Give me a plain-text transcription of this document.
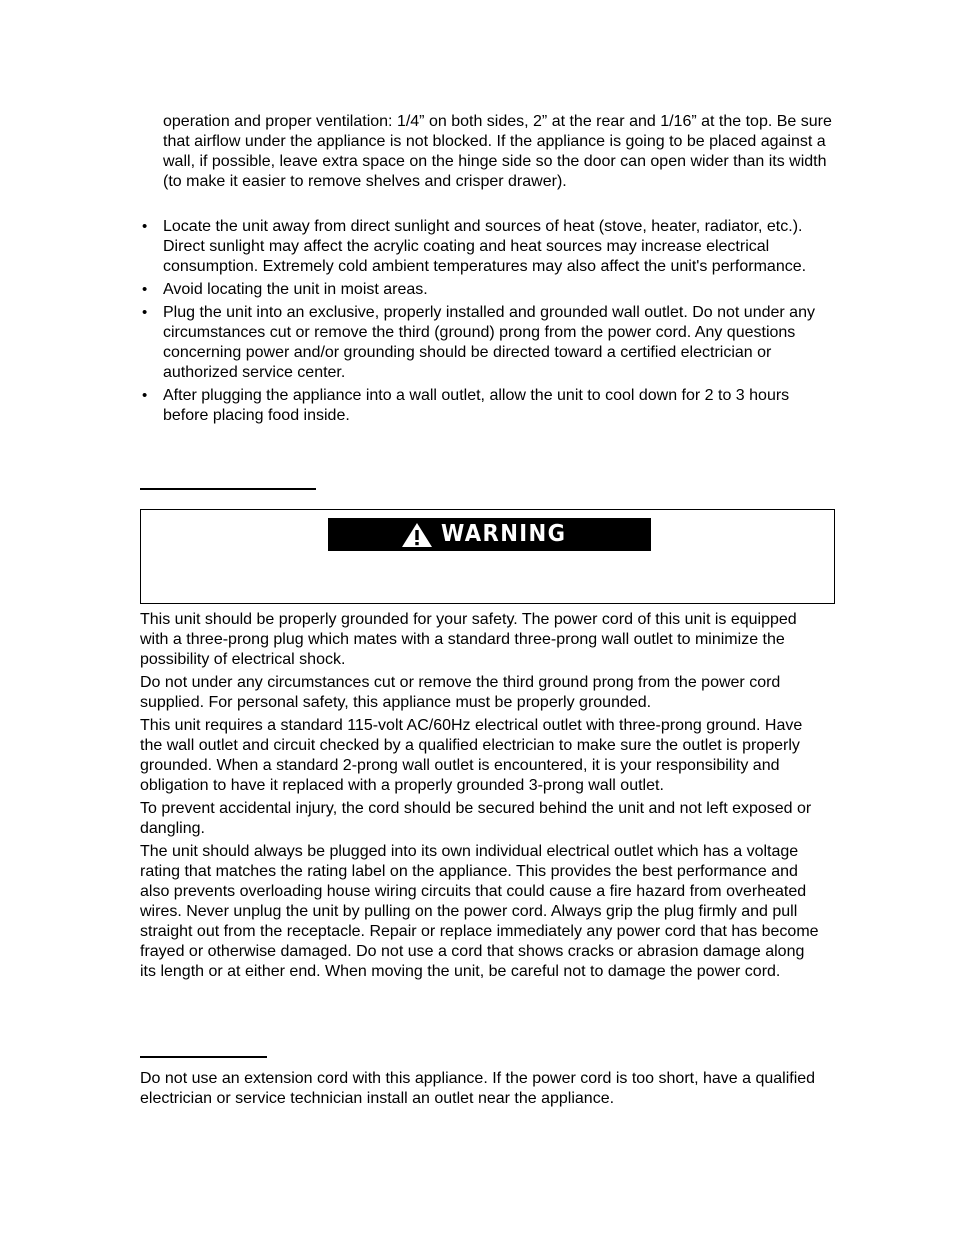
operation and proper ventilation: 1/4” on both sides, 2” at the rear and 1/16” at the top. Be sure that airflow under the appliance is not blocked. If the appliance is going to be placed against a wall, if possible, leave extra space on the hinge side so the door can open wider than its width (to make it easier to remove shelves and crisper drawer).

• Locate the unit away from direct sunlight and sources of heat (stove, heater, radiator, etc.). Direct sunlight may affect the acrylic coating and heat sources may increase electrical consumption. Extremely cold ambient temperatures may also affect the unit's performance.
• Avoid locating the unit in moist areas.
• Plug the unit into an exclusive, properly installed and grounded wall outlet. Do not under any circumstances cut or remove the third (ground) prong from the power cord. Any questions concerning power and/or grounding should be directed toward a certified electrician or authorized service center.
• After plugging the appliance into a wall outlet, allow the unit to cool down for 2 to 3 hours before placing food inside.
WARNING

This unit should be properly grounded for your safety. The power cord of this unit is equipped with a three-prong plug which mates with a standard three-prong wall outlet to minimize the possibility of electrical shock.

Do not under any circumstances cut or remove the third ground prong from the power cord supplied. For personal safety, this appliance must be properly grounded.

This unit requires a standard 115-volt AC/60Hz electrical outlet with three-prong ground. Have the wall outlet and circuit checked by a qualified electrician to make sure the outlet is properly grounded. When a standard 2-prong wall outlet is encountered, it is your responsibility and obligation to have it replaced with a properly grounded 3-prong wall outlet.

To prevent accidental injury, the cord should be secured behind the unit and not left exposed or dangling.

The unit should always be plugged into its own individual electrical outlet which has a voltage rating that matches the rating label on the appliance. This provides the best performance and also prevents overloading house wiring circuits that could cause a fire hazard from overheated wires. Never unplug the unit by pulling on the power cord. Always grip the plug firmly and pull straight out from the receptacle. Repair or replace immediately any power cord that has become frayed or otherwise damaged. Do not use a cord that shows cracks or abrasion damage along its length or at either end. When moving the unit, be careful not to damage the power cord.

Do not use an extension cord with this appliance. If the power cord is too short, have a qualified electrician or service technician install an outlet near the appliance.
